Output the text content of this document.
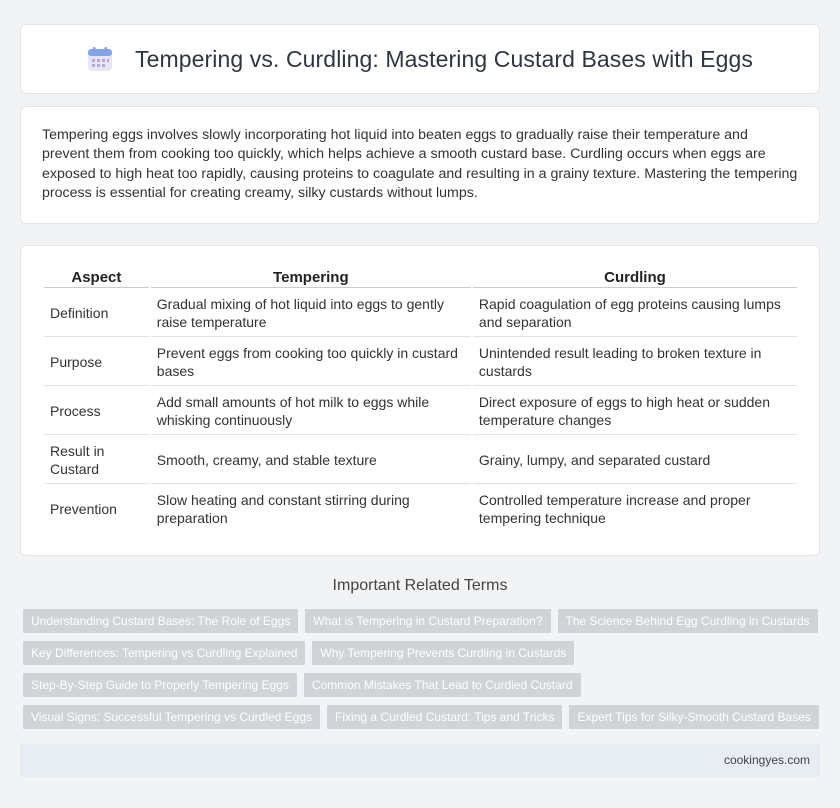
Tempering vs. Curdling: Mastering Custard Bases with Eggs

Tempering eggs involves slowly incorporating hot liquid into beaten eggs to gradually raise their temperature and prevent them from cooking too quickly, which helps achieve a smooth custard base. Curdling occurs when eggs are exposed to high heat too rapidly, causing proteins to coagulate and resulting in a grainy texture. Mastering the tempering process is essential for creating creamy, silky custards without lumps.

Aspect	Tempering	Curdling
Definition	Gradual mixing of hot liquid into eggs to gently raise temperature	Rapid coagulation of egg proteins causing lumps and separation
Purpose	Prevent eggs from cooking too quickly in custard bases	Unintended result leading to broken texture in custards
Process	Add small amounts of hot milk to eggs while whisking continuously	Direct exposure of eggs to high heat or sudden temperature changes
Result in Custard	Smooth, creamy, and stable texture	Grainy, lumpy, and separated custard
Prevention	Slow heating and constant stirring during preparation	Controlled temperature increase and proper tempering technique
Important Related Terms
Understanding Custard Bases: The Role of Eggs	What is Tempering in Custard Preparation?	The Science Behind Egg Curdling in Custards
Key Differences: Tempering vs Curdling Explained	Why Tempering Prevents Curdling in Custards
Step-By-Step Guide to Properly Tempering Eggs	Common Mistakes That Lead to Curdled Custard
Visual Signs: Successful Tempering vs Curdled Eggs	Fixing a Curdled Custard: Tips and Tricks	Expert Tips for Silky-Smooth Custard Bases
cookingyes.com
